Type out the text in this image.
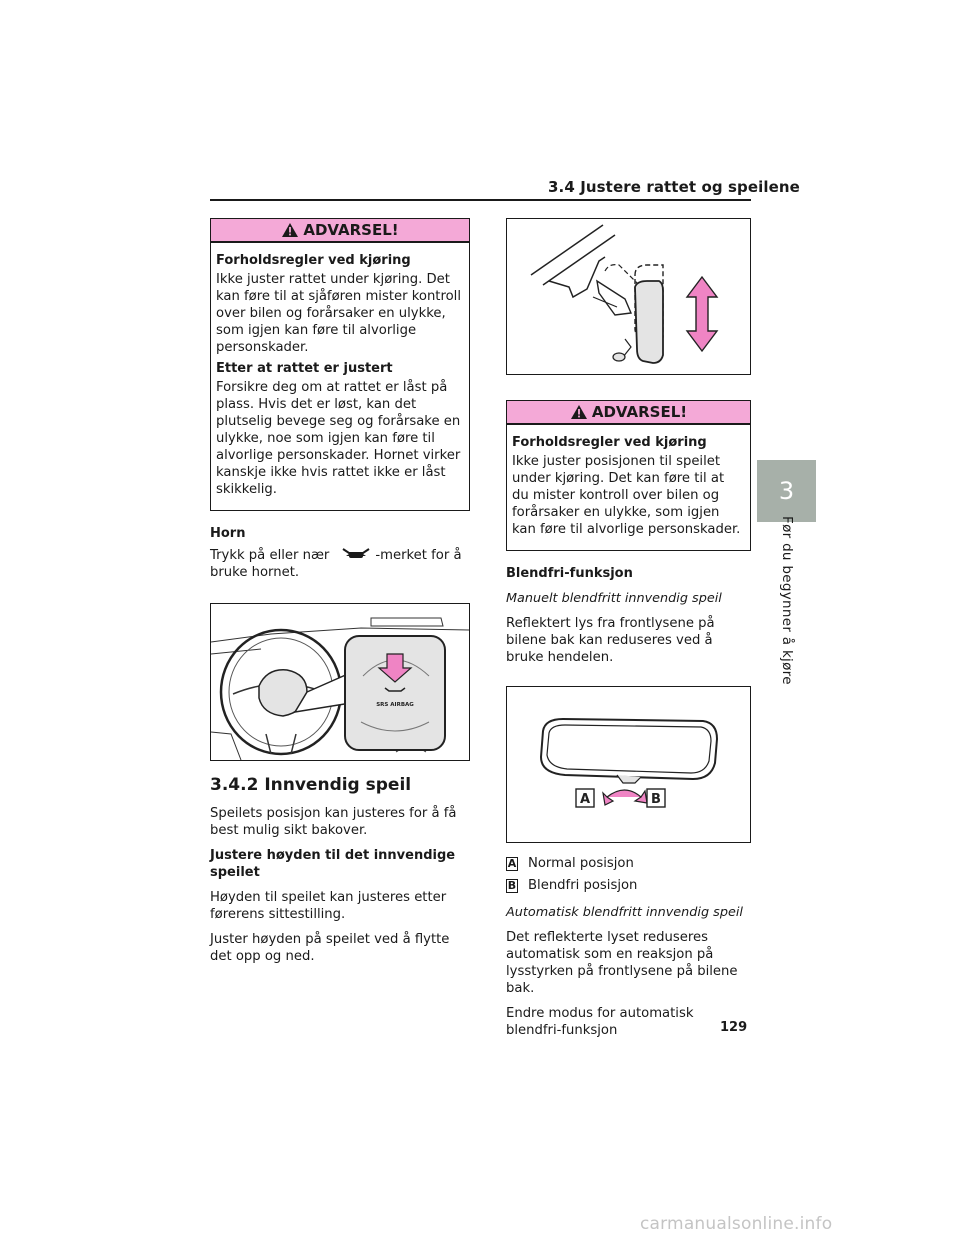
3.4 Justere rattet og speilene
ADVARSEL!

Forholdsregler ved kjøring

Ikke juster rattet under kjøring. Det kan føre til at sjåføren mister kontroll over bilen og forårsaker en ulykke, som igjen kan føre til alvorlige personskader.

Etter at rattet er justert

Forsikre deg om at rattet er låst på plass. Hvis det er løst, kan det plutselig bevege seg og forårsake en ulykke, noe som igjen kan føre til alvorlige personskader. Hornet virker kanskje ikke hvis rattet ikke er låst skikkelig.

Horn

Trykk på eller nær	-merket for å bruke hornet.

SRS AIRBAG
3.4.2 Innvendig speil

Speilets posisjon kan justeres for å få best mulig sikt bakover.

Justere høyden til det innvendige speilet

Høyden til speilet kan justeres etter førerens sittestilling.

Juster høyden på speilet ved å flytte det opp og ned.

ADVARSEL!

Forholdsregler ved kjøring

Ikke juster posisjonen til speilet under kjøring. Det kan føre til at du mister kontroll over bilen og forårsaker en ulykke, som igjen kan føre til alvorlige personskader.

Blendfri-funksjon

Manuelt blendfritt innvendig speil

Reflektert lys fra frontlysene på bilene bak kan reduseres ved å bruke hendelen.

A	B
A Normal posisjon
B Blendfri posisjon

Automatisk blendfritt innvendig speil

Det reflekterte lyset reduseres automatisk som en reaksjon på lysstyrken på frontlysene på bilene bak.

Endre modus for automatisk blendfri-funksjon

3
Før du begynner å kjøre
129
carmanualsonline.info
